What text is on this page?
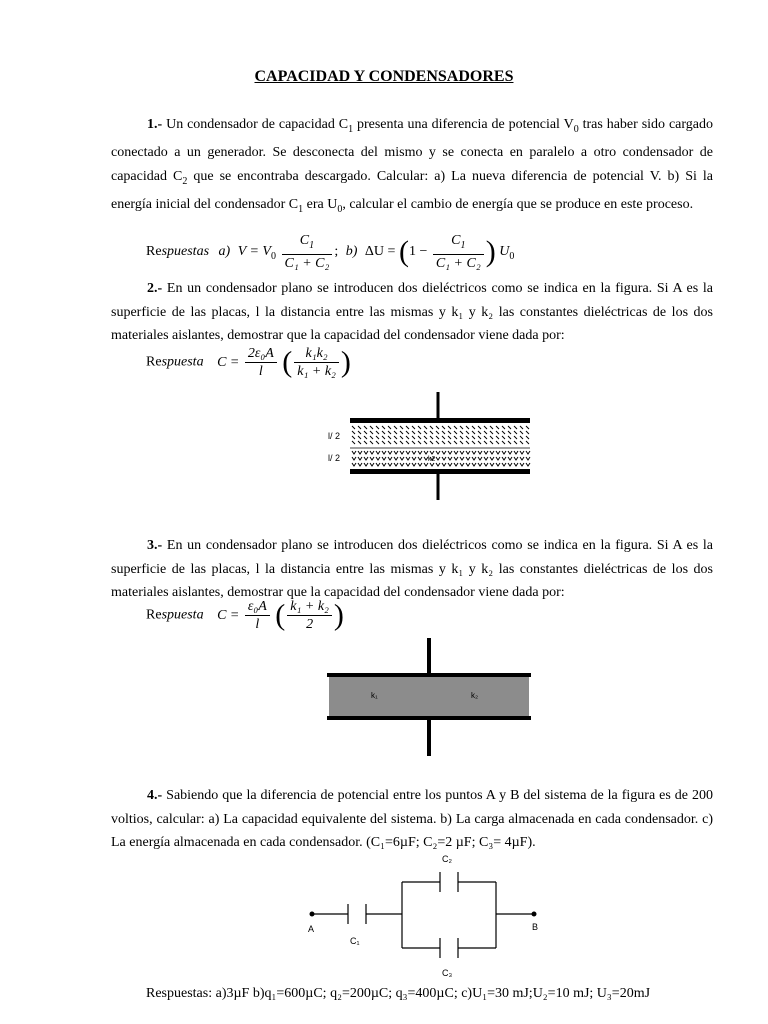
CAPACIDAD Y CONDENSADORES
1.- Un condensador de capacidad $C_1$ presenta una diferencia de potencial $V_0$ tras haber sido cargado conectado a un generador. Se desconecta del mismo y se conecta en paralelo a otro condensador de capacidad $C_2$ que se encontraba descargado. Calcular: a) La nueva diferencia de potencial V. b) Si la energía inicial del condensador $C_1$ era $U_0$, calcular el cambio de energía que se produce en este proceso.
Respuestas a) $V = V_0 \frac{C_1}{\text{C₁ + C₂}}$ ; b) $\Delta U = (1 - \frac{C_1}{\text{C₁ + C₂}}$ ) $U_0$
2.- En un condensador plano se introducen dos dieléctricos como se indica en la figura. Si A es la superficie de las placas, l la distancia entre las mismas y k₁ y k₂ las constantes dieléctricas de los dos materiales aislantes, demostrar que la capacidad del condensador viene dada por:
Respuesta $C = \frac{\text{2ε₀A}}{l}$ ( $\frac{\text{k₁k₂}}{\text{k₁ + k₂}}$ )
l/ 2
l/ 2	k2
3.- En un condensador plano se introducen dos dieléctricos como se indica en la figura. Si A es la superficie de las placas, l la distancia entre las mismas y k₁ y k₂ las constantes dieléctricas de los dos materiales aislantes, demostrar que la capacidad del condensador viene dada por:
Respuesta $C = \frac{\text{ε₀A}}{l}$ ( $\frac{\text{k₁ + k₂}}{2}$ )
k₁	k₂
4.- Sabiendo que la diferencia de potencial entre los puntos A y B del sistema de la figura es de 200 voltios, calcular: a) La capacidad equivalente del sistema. b) La carga almacenada en cada condensador. c) La energía almacenada en cada condensador. (C₁=6µF; C₂=2 µF; C₃= 4µF).
A	B
C₁
C₂
C₃
Respuestas: a)3µF b)q₁=600µC; q₂=200µC; q₃=400µC; c)U₁=30 mJ;U₂=10 mJ; U₃=20mJ
